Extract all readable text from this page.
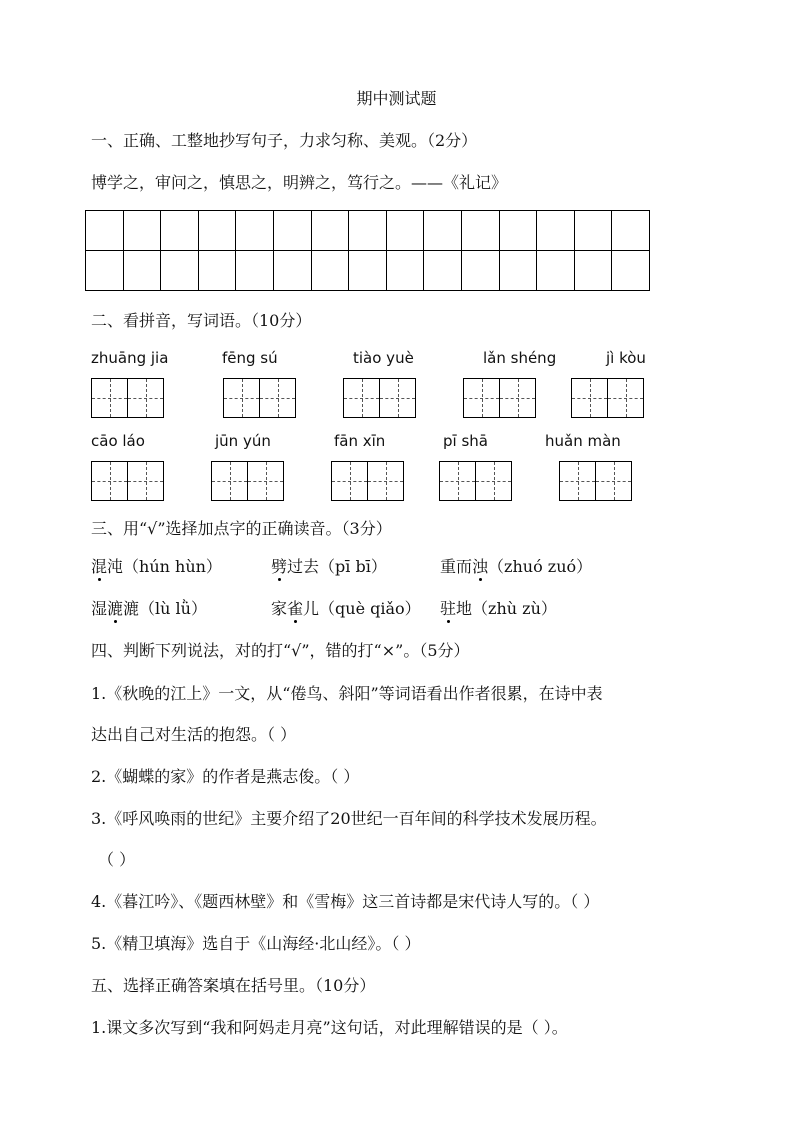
期中测试题
一、正确、工整地抄写句子，力求匀称、美观。（2分）
博学之，审问之，慎思之，明辨之，笃行之。——《礼记》

二、看拼音，写词语。（10分）
zhuāng jia	fēng sú	tiào yuè	lǎn shéng	jì kòu
cāo láo	jūn yún	fān xīn	pī shā	huǎn màn
三、用“√”选择加点字的正确读音。（3分）
混沌（hún hùn）	劈过去（pī bī）	重而浊（zhuó zuó）
湿漉漉（lù lǜ）	家雀儿（què qiǎo） 驻地（zhù zù）
四、判断下列说法，对的打“√”，错的打“×”。（5分）
1.《秋晚的江上》一文，从“倦鸟、斜阳”等词语看出作者很累，在诗中表
达出自己对生活的抱怨。（ ）
2.《蝴蝶的家》的作者是燕志俊。（ ）
3.《呼风唤雨的世纪》主要介绍了20世纪一百年间的科学技术发展历程。
（ ）
4.《暮江吟》、《题西林壁》和《雪梅》这三首诗都是宋代诗人写的。（ ）
5.《精卫填海》选自于《山海经·北山经》。（ ）
五、选择正确答案填在括号里。（10分）
1.课文多次写到“我和阿妈走月亮”这句话，对此理解错误的是（ ）。
